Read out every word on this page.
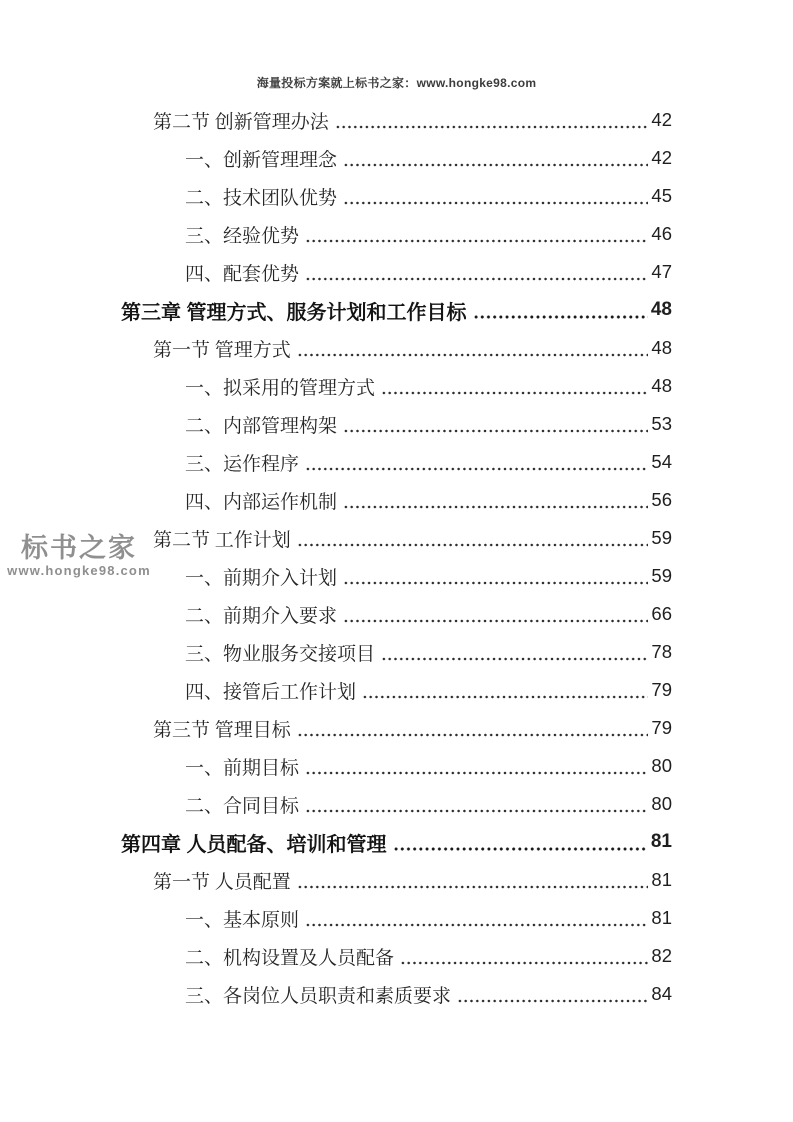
海量投标方案就上标书之家：www.hongke98.com
标书之家
www.hongke98.com
第二节 创新管理办法	42
一、创新管理理念	42
二、技术团队优势	45
三、经验优势	46
四、配套优势	47
第三章 管理方式、服务计划和工作目标	48
第一节 管理方式	48
一、拟采用的管理方式	48
二、内部管理构架	53
三、运作程序	54
四、内部运作机制	56
第二节 工作计划	59
一、前期介入计划	59
二、前期介入要求	66
三、物业服务交接项目	78
四、接管后工作计划	79
第三节 管理目标	79
一、前期目标	80
二、合同目标	80
第四章 人员配备、培训和管理	81
第一节 人员配置	81
一、基本原则	81
二、机构设置及人员配备	82
三、各岗位人员职责和素质要求	84
